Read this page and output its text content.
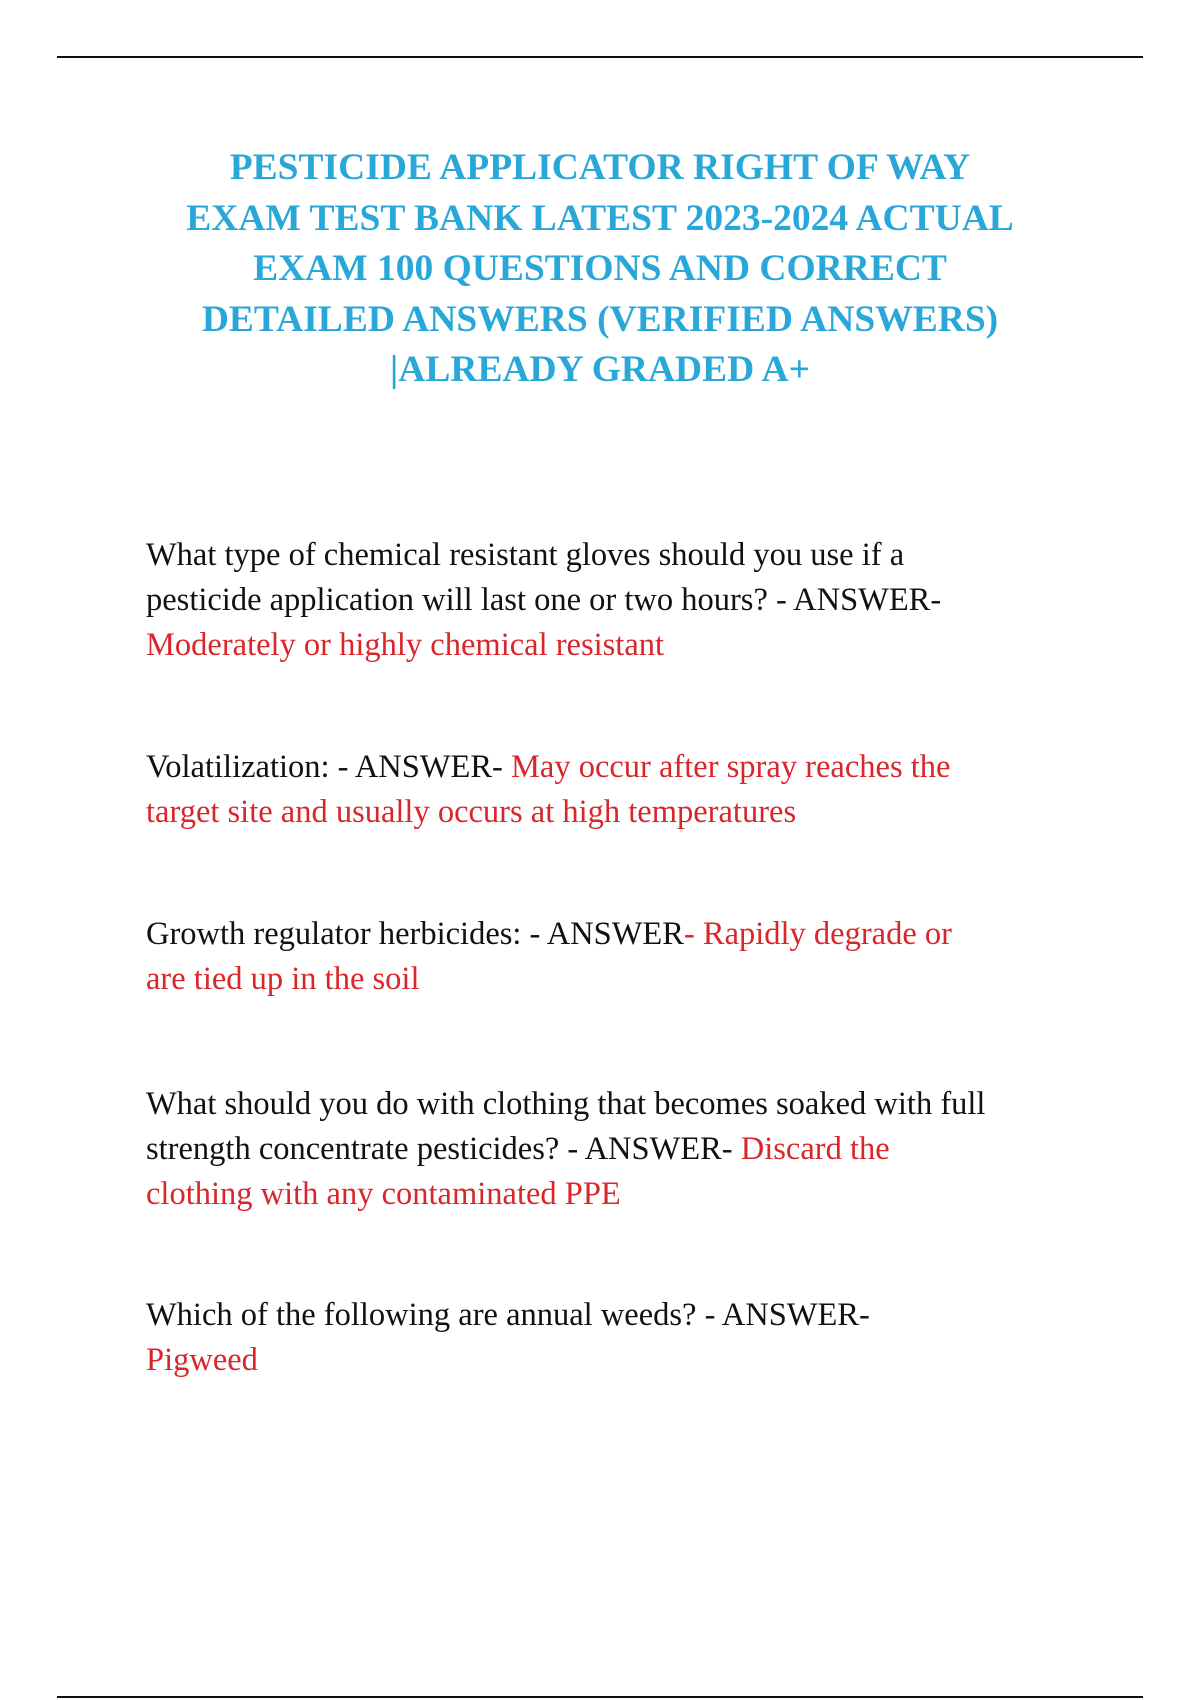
PESTICIDE APPLICATOR RIGHT OF WAY
EXAM TEST BANK LATEST 2023-2024 ACTUAL
EXAM 100 QUESTIONS AND CORRECT
DETAILED ANSWERS (VERIFIED ANSWERS)
|ALREADY GRADED A+

What type of chemical resistant gloves should you use if a
pesticide application will last one or two hours? - ANSWER-
Moderately or highly chemical resistant

Volatilization: - ANSWER- May occur after spray reaches the
target site and usually occurs at high temperatures

Growth regulator herbicides: - ANSWER- Rapidly degrade or
are tied up in the soil

What should you do with clothing that becomes soaked with full
strength concentrate pesticides? - ANSWER- Discard the
clothing with any contaminated PPE

Which of the following are annual weeds? - ANSWER-
Pigweed
